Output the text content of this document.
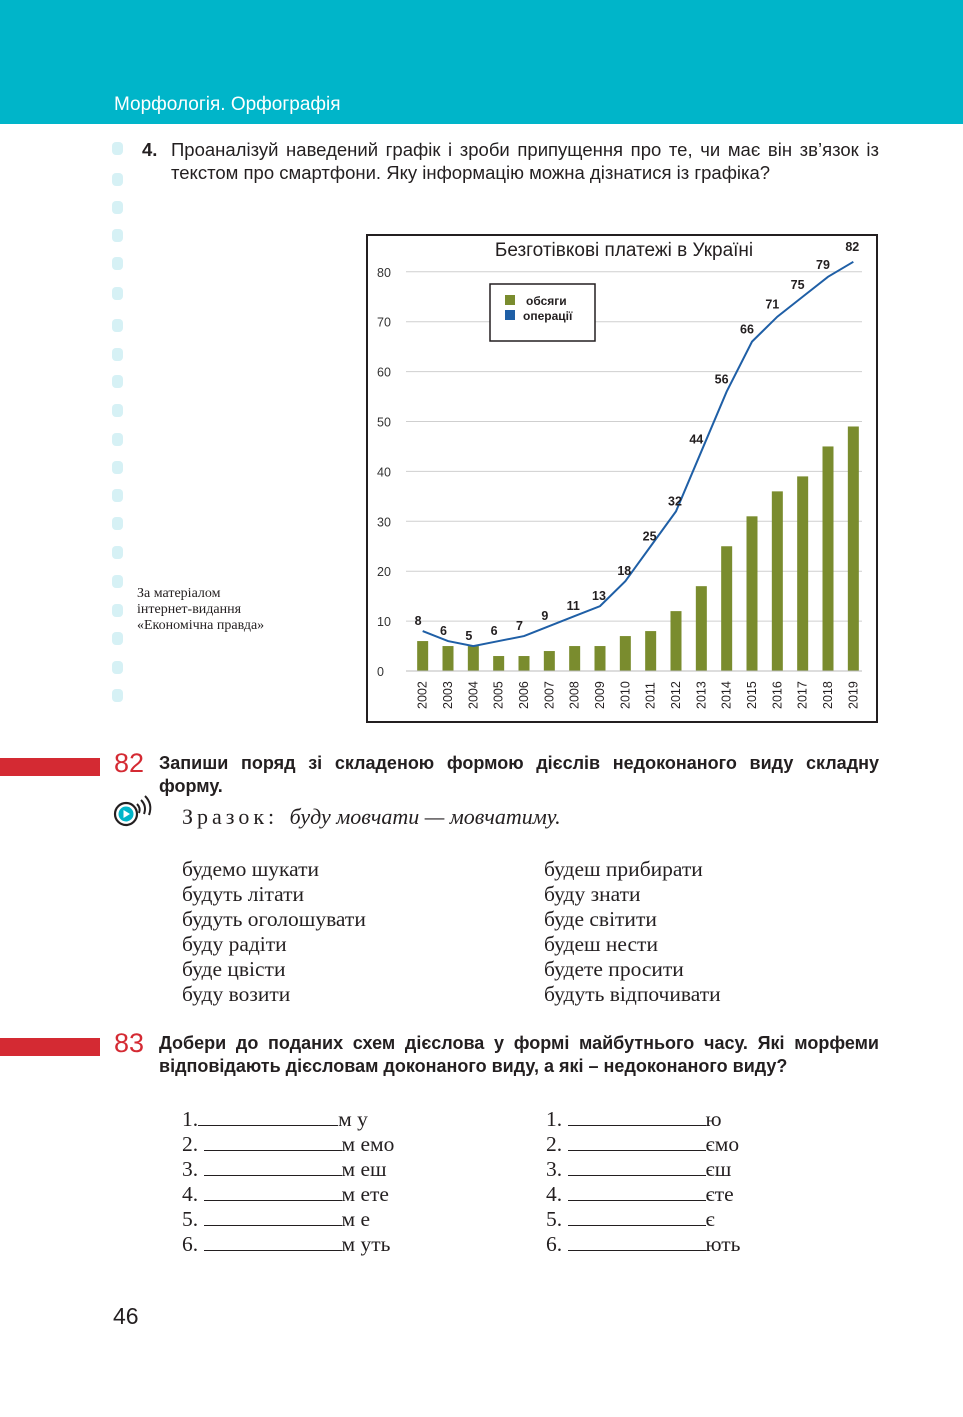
Морфологія. Орфографія
4. Проаналізуй наведений графік і зроби припущення про те, чи має він зв’язок із текстом про смартфони. Яку інформацію можна дізнатися із графіка?
За матеріалом
інтернет-видання
«Економічна правда»
0
10
20
30
40
50
60
70
80
Безготівкові платежі в Україні
2002 2003 2004 2005 2006 2007 2008 2009 2010 2011 2012 2013 2014 2015 2016 2017 2018 2019
8
6 5 6 7
9
11
13
18
25
32
44
56
66
71
75
79
82
обсяги
операції
82 Запиши поряд зі складеною формою дієслів недоконаного виду складну форму.
Зразок: буду мовчати — мовчатиму.
будемо шукати
будуть літати
будуть оголошувати
буду радіти
буде цвісти
буду возити
будеш прибирати
буду знати
буде світити
будеш нести
будете просити
будуть відпочивати
83 Добери до поданих схем дієслова у формі майбутнього часу. Які морфеми відповідають дієсловам доконаного виду, а які – недоконаного виду?
1.	м у
2.	м емо
3.	м еш
4.	м ете
5.	м е
6.	м уть
1.	ю
2.	ємо
3.	єш
4.	єте
5.	є
6.	ють
46
